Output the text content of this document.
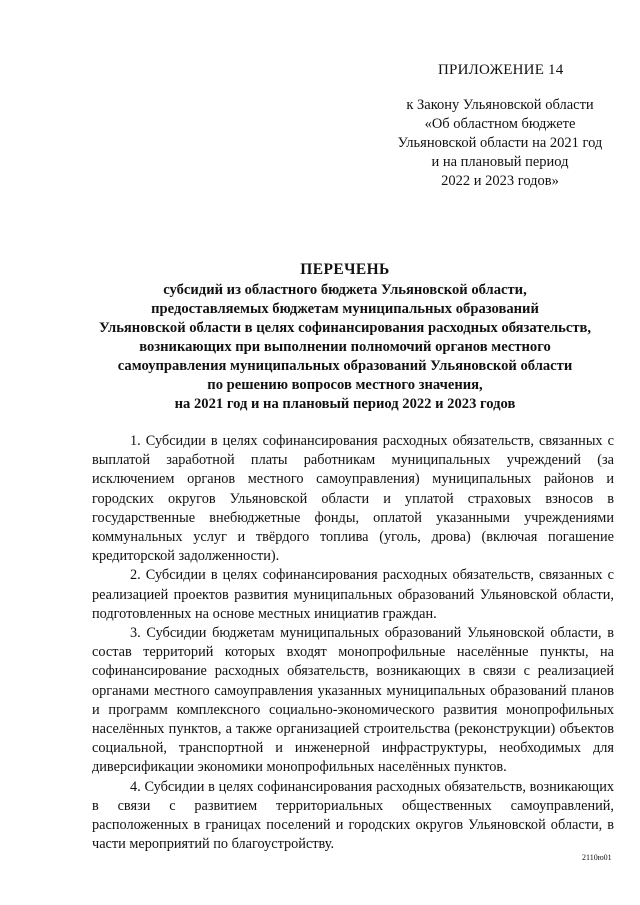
ПРИЛОЖЕНИЕ 14
к Закону Ульяновской области
«Об областном бюджете
Ульяновской области на 2021 год
и на плановый период
2022 и 2023 годов»
ПЕРЕЧЕНЬ
субсидий из областного бюджета Ульяновской области,
предоставляемых бюджетам муниципальных образований
Ульяновской области в целях софинансирования расходных обязательств,
возникающих при выполнении полномочий органов местного
самоуправления муниципальных образований Ульяновской области
по решению вопросов местного значения,
на 2021 год и на плановый период 2022 и 2023 годов

1. Субсидии в целях софинансирования расходных обязательств, связанных с выплатой заработной платы работникам муниципальных учреждений (за исключением органов местного самоуправления) муниципальных районов и городских округов Ульяновской области и уплатой страховых взносов в государственные внебюджетные фонды, оплатой указанными учреждениями коммунальных услуг и твёрдого топлива (уголь, дрова) (включая погашение кредиторской задолженности).

2. Субсидии в целях софинансирования расходных обязательств, связанных с реализацией проектов развития муниципальных образований Ульяновской области, подготовленных на основе местных инициатив граждан.

3. Субсидии бюджетам муниципальных образований Ульяновской области, в состав территорий которых входят монопрофильные населённые пункты, на софинансирование расходных обязательств, возникающих в связи с реализацией органами местного самоуправления указанных муниципальных образований планов и программ комплексного социально-экономического развития монопрофильных населённых пунктов, а также организацией строительства (реконструкции) объектов социальной, транспортной и инженерной инфраструктуры, необходимых для диверсификации экономики монопрофильных населённых пунктов.

4. Субсидии в целях софинансирования расходных обязательств, возникающих в связи с развитием территориальных общественных самоуправлений, расположенных в границах поселений и городских округов Ульяновской области, в части мероприятий по благоустройству.

2110ю01
